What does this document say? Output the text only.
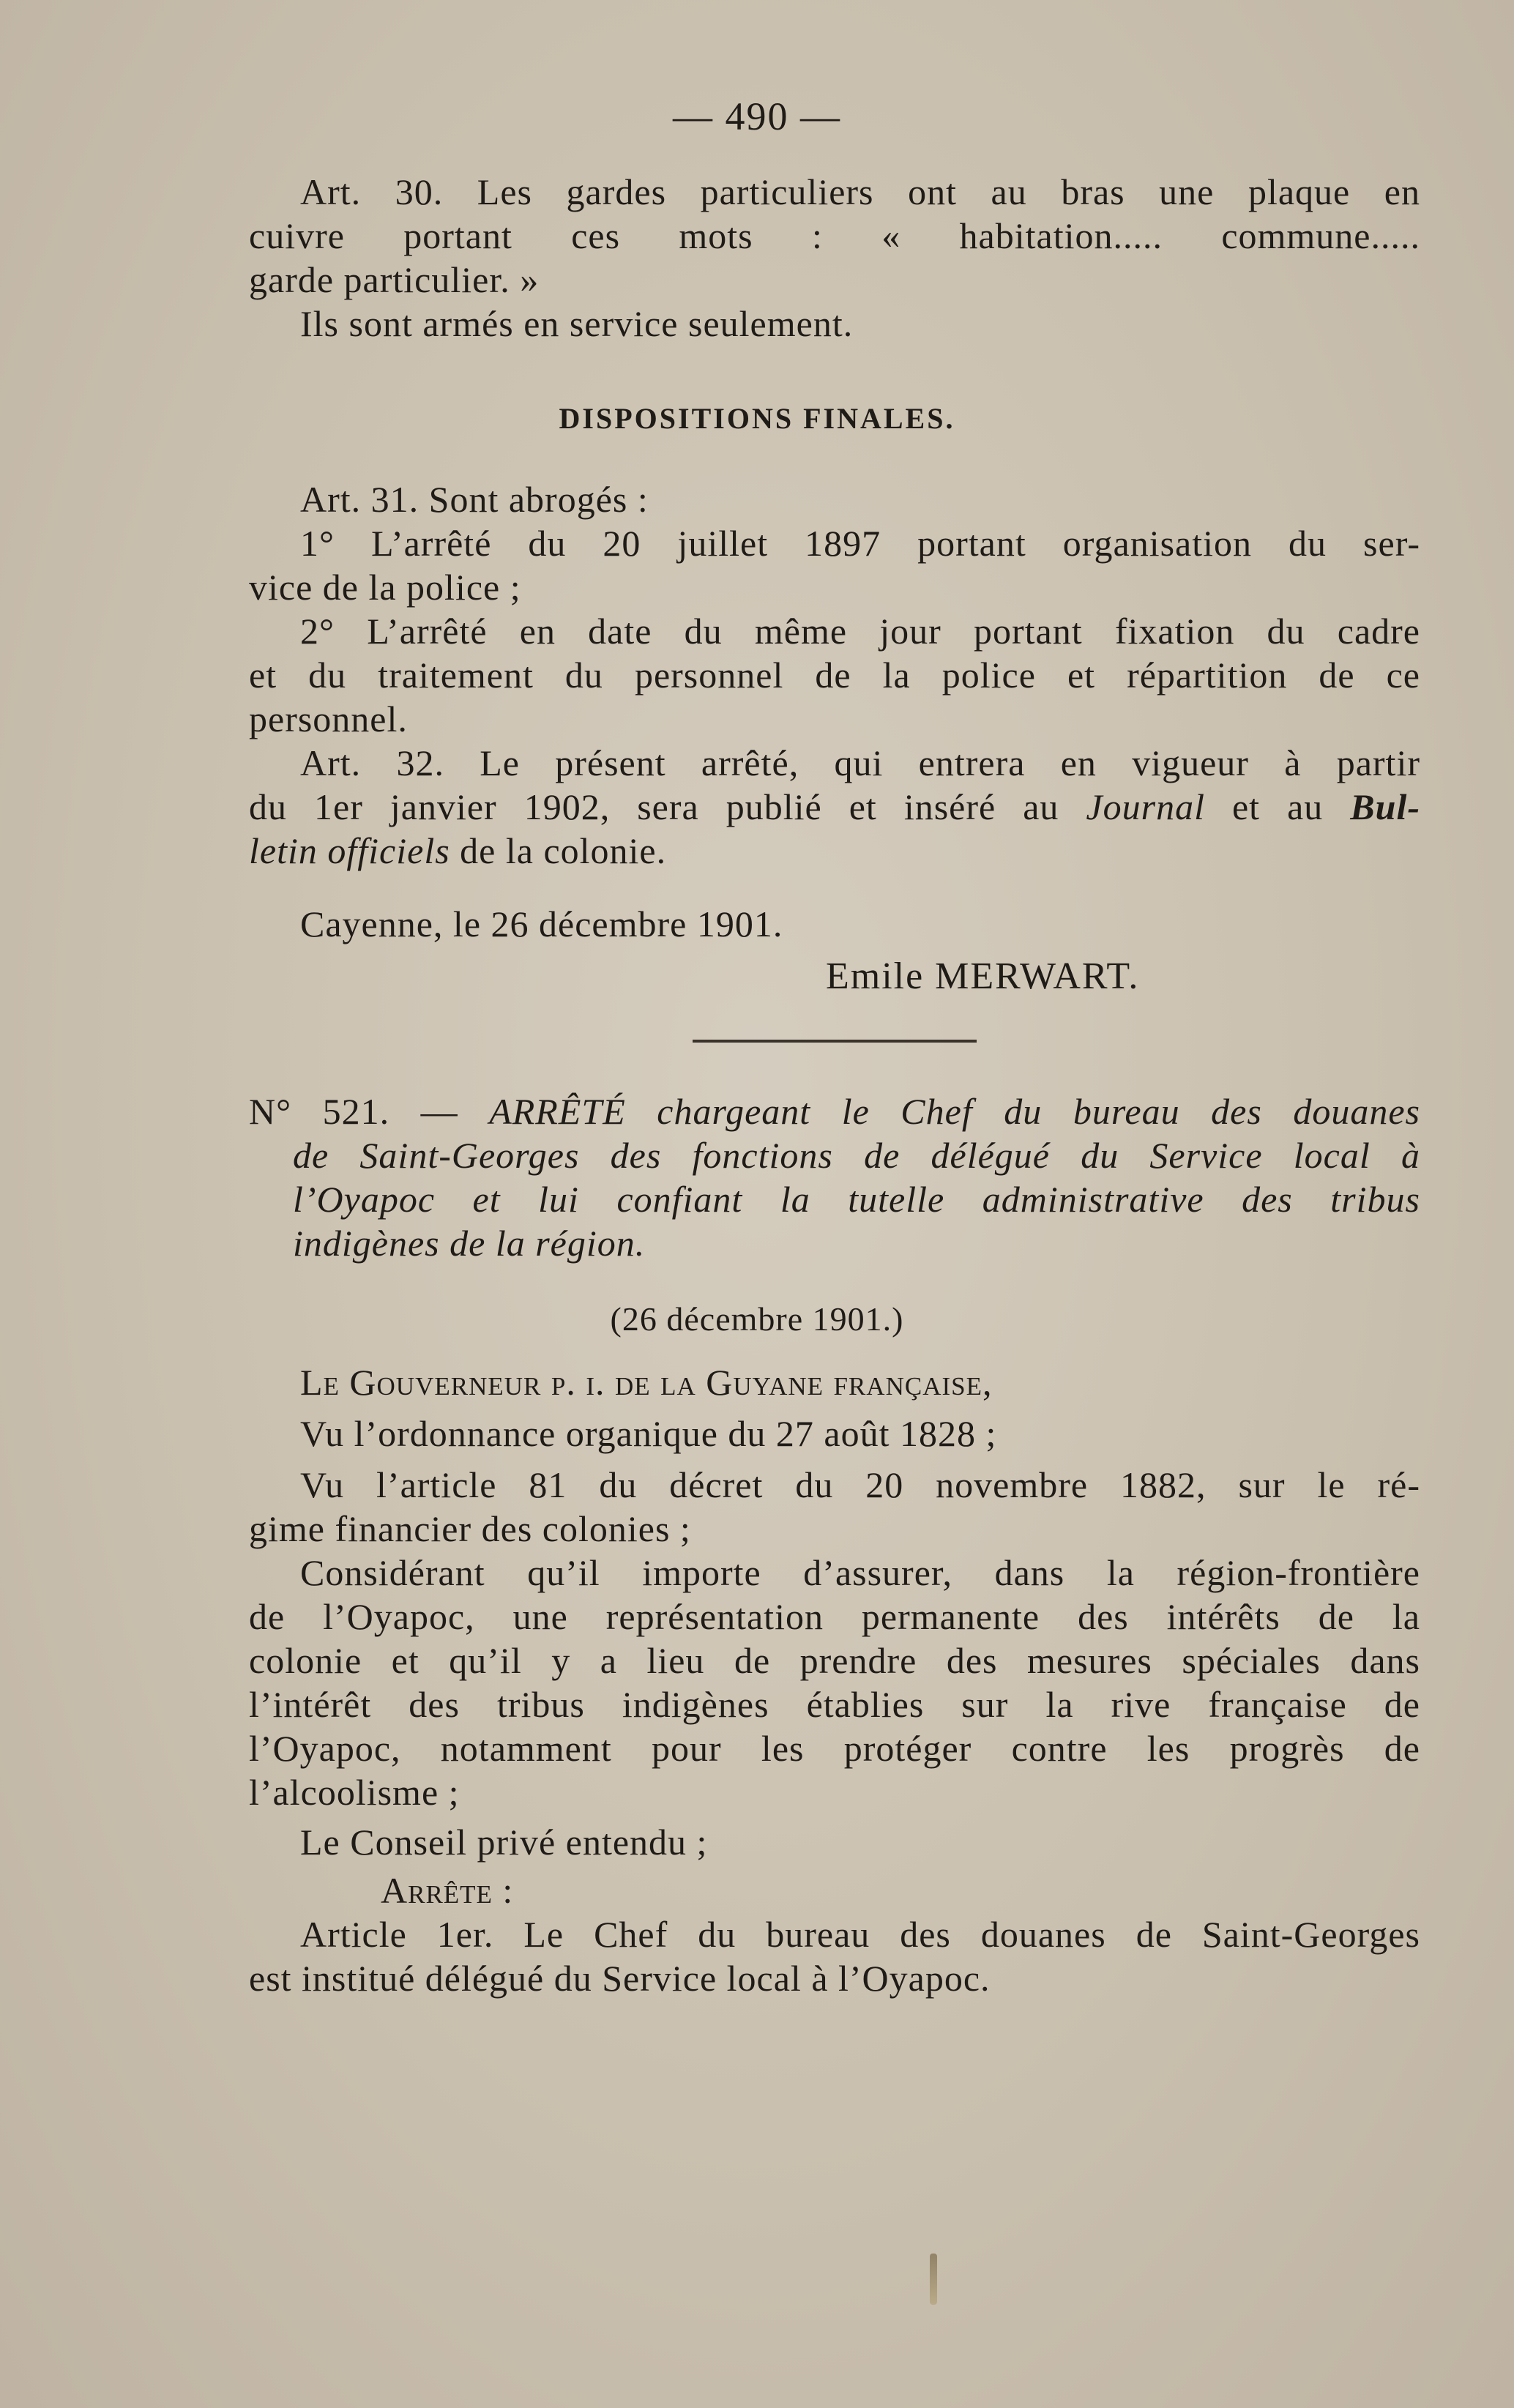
— 490 —
Art. 30. Les gardes particuliers ont au bras une plaque en
cuivre portant ces mots : « habitation..... commune.....
garde particulier. »
Ils sont armés en service seulement.
DISPOSITIONS FINALES.
Art. 31. Sont abrogés :
1° L’arrêté du 20 juillet 1897 portant organisation du ser-
vice de la police ;
2° L’arrêté en date du même jour portant fixation du cadre
et du traitement du personnel de la police et répartition de ce
personnel.
Art. 32. Le présent arrêté, qui entrera en vigueur à partir
du 1er janvier 1902, sera publié et inséré au Journal et au Bul-
letin officiels de la colonie.
Cayenne, le 26 décembre 1901.
Emile MERWART.
N° 521. — ARRÊTÉ chargeant le Chef du bureau des douanes
de Saint-Georges des fonctions de délégué du Service local à
l’Oyapoc et lui confiant la tutelle administrative des tribus
indigènes de la région.
(26 décembre 1901.)
Le Gouverneur p. i. de la Guyane française,
Vu l’ordonnance organique du 27 août 1828 ;
Vu l’article 81 du décret du 20 novembre 1882, sur le ré-
gime financier des colonies ;
Considérant qu’il importe d’assurer, dans la région-frontière
de l’Oyapoc, une représentation permanente des intérêts de la
colonie et qu’il y a lieu de prendre des mesures spéciales dans
l’intérêt des tribus indigènes établies sur la rive française de
l’Oyapoc, notamment pour les protéger contre les progrès de
l’alcoolisme ;
Le Conseil privé entendu ;
Arrête :
Article 1er. Le Chef du bureau des douanes de Saint-Georges
est institué délégué du Service local à l’Oyapoc.
